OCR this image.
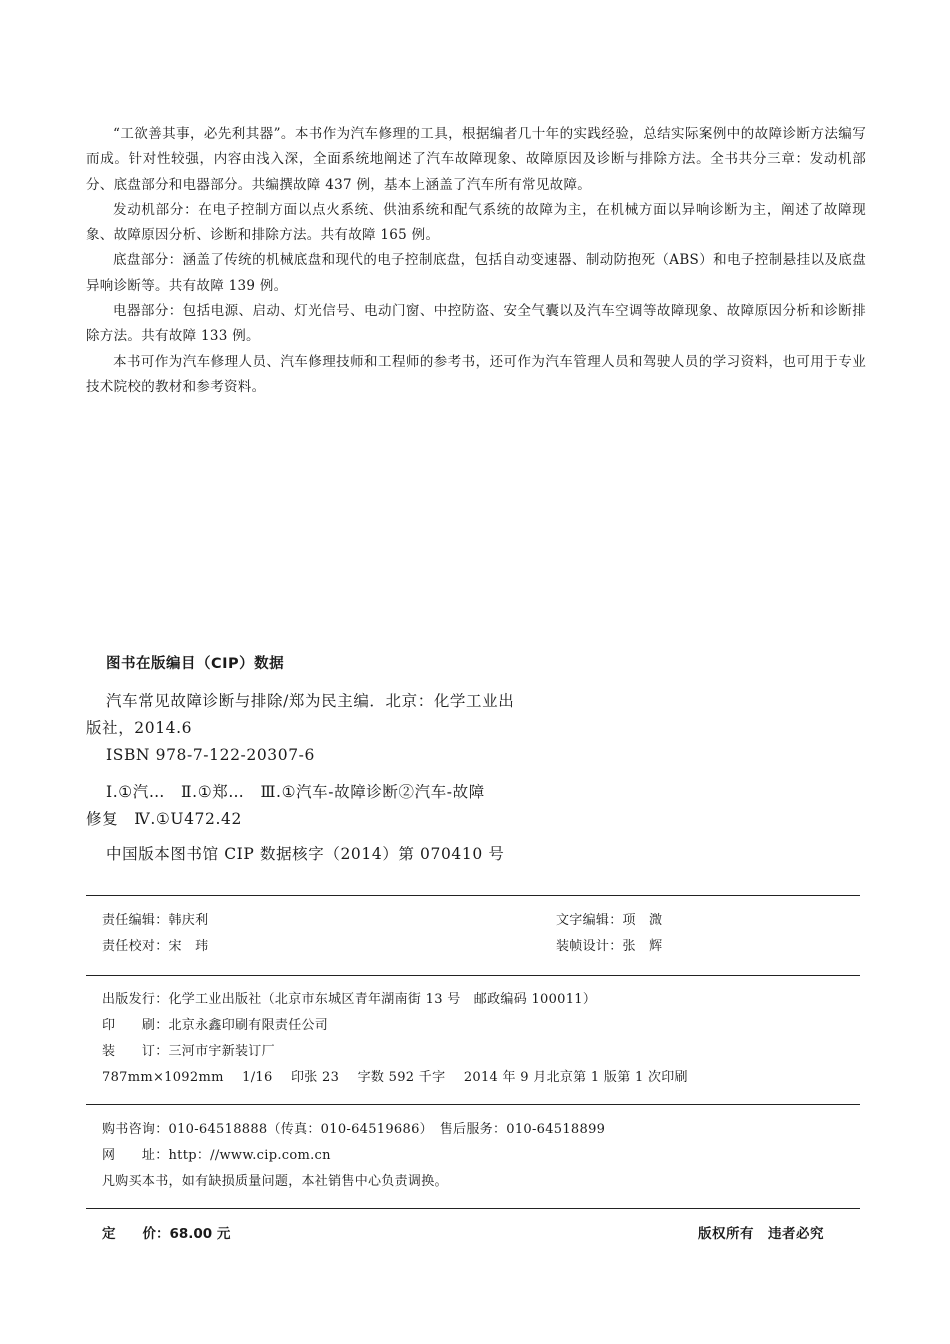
“工欲善其事，必先利其器”。本书作为汽车修理的工具，根据编者几十年的实践经验，总结实际案例中的故障诊断方法编写而成。针对性较强，内容由浅入深，全面系统地阐述了汽车故障现象、故障原因及诊断与排除方法。全书共分三章：发动机部分、底盘部分和电器部分。共编撰故障 437 例，基本上涵盖了汽车所有常见故障。

发动机部分：在电子控制方面以点火系统、供油系统和配气系统的故障为主，在机械方面以异响诊断为主，阐述了故障现象、故障原因分析、诊断和排除方法。共有故障 165 例。

底盘部分：涵盖了传统的机械底盘和现代的电子控制底盘，包括自动变速器、制动防抱死（ABS）和电子控制悬挂以及底盘异响诊断等。共有故障 139 例。

电器部分：包括电源、启动、灯光信号、电动门窗、中控防盗、安全气囊以及汽车空调等故障现象、故障原因分析和诊断排除方法。共有故障 133 例。

本书可作为汽车修理人员、汽车修理技师和工程师的参考书，还可作为汽车管理人员和驾驶人员的学习资料，也可用于专业技术院校的教材和参考资料。

图书在版编目（CIP）数据

汽车常见故障诊断与排除/郑为民主编．北京：化学工业出

版社，2014.6

ISBN 978-7-122-20307-6

Ⅰ.①汽…　Ⅱ.①郑…　Ⅲ.①汽车-故障诊断②汽车-故障

修复　Ⅳ.①U472.42

中国版本图书馆 CIP 数据核字（2014）第 070410 号

责任编辑：韩庆利	文字编辑：项　溦
责任校对：宋　玮	装帧设计：张　辉
出版发行：化学工业出版社（北京市东城区青年湖南街 13 号　邮政编码 100011）
印　　刷：北京永鑫印刷有限责任公司
装　　订：三河市宇新装订厂
787mm×1092mm 1/16 印张 23 字数 592 千字 2014 年 9 月北京第 1 版第 1 次印刷
购书咨询：010-64518888（传真：010-64519686）　售后服务：010-64518899
网　　址：http：//www.cip.com.cn
凡购买本书，如有缺损质量问题，本社销售中心负责调换。
定　　价：68.00 元	版权所有　违者必究
